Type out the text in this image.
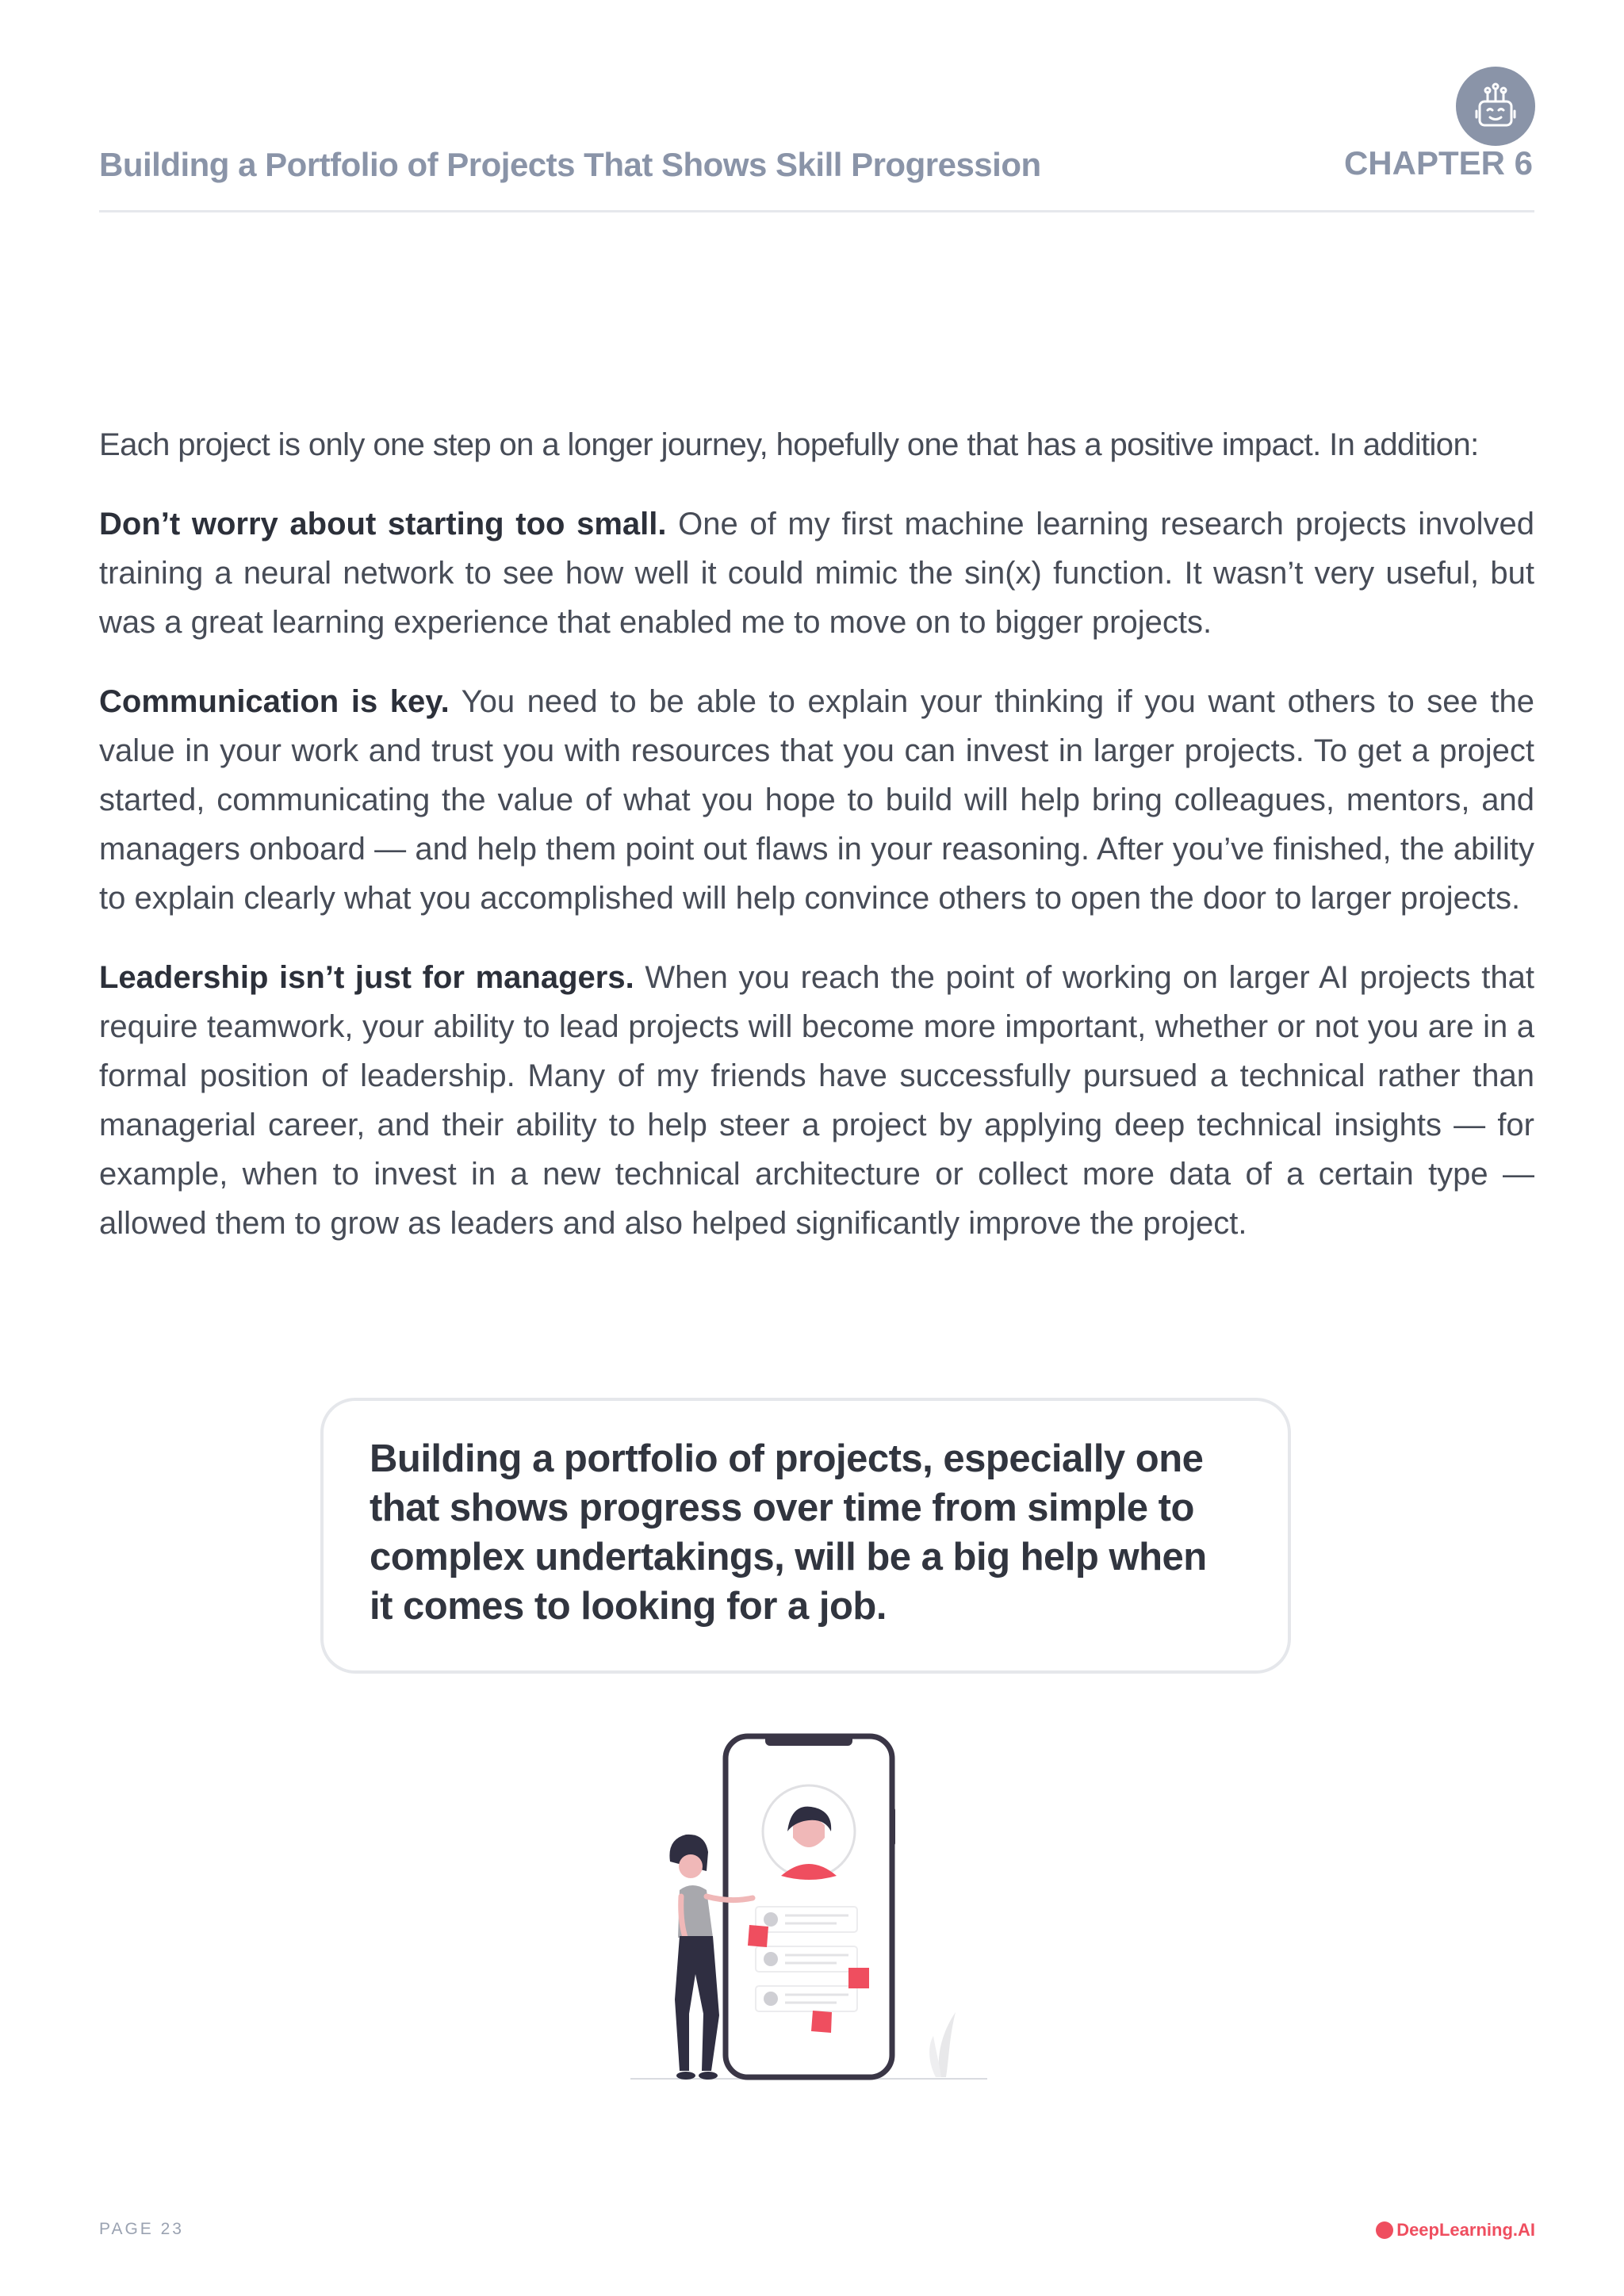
Building a Portfolio of Projects That Shows Skill Progression	CHAPTER 6

Each project is only one step on a longer journey, hopefully one that has a positive impact. In addition:

Don’t worry about starting too small. One of my first machine learning research projects involved training a neural network to see how well it could mimic the sin(x) function. It wasn’t very useful, but was a great learning experience that enabled me to move on to bigger projects.

Communication is key. You need to be able to explain your thinking if you want others to see the value in your work and trust you with resources that you can invest in larger projects. To get a project started, communicating the value of what you hope to build will help bring colleagues, mentors, and managers onboard — and help them point out flaws in your reasoning. After you’ve finished, the ability to explain clearly what you accomplished will help convince others to open the door to larger projects.

Leadership isn’t just for managers. When you reach the point of working on larger AI projects that require teamwork, your ability to lead projects will become more important, whether or not you are in a formal position of leadership. Many of my friends have successfully pursued a technical rather than managerial career, and their ability to help steer a project by applying deep technical insights — for example, when to invest in a new technical architecture or collect more data of a certain type — allowed them to grow as leaders and also helped significantly improve the project.

Building a portfolio of projects, especially one
that shows progress over time from simple to
complex undertakings, will be a big help when
it comes to looking for a job.
PAGE 23	DeepLearning.AI
